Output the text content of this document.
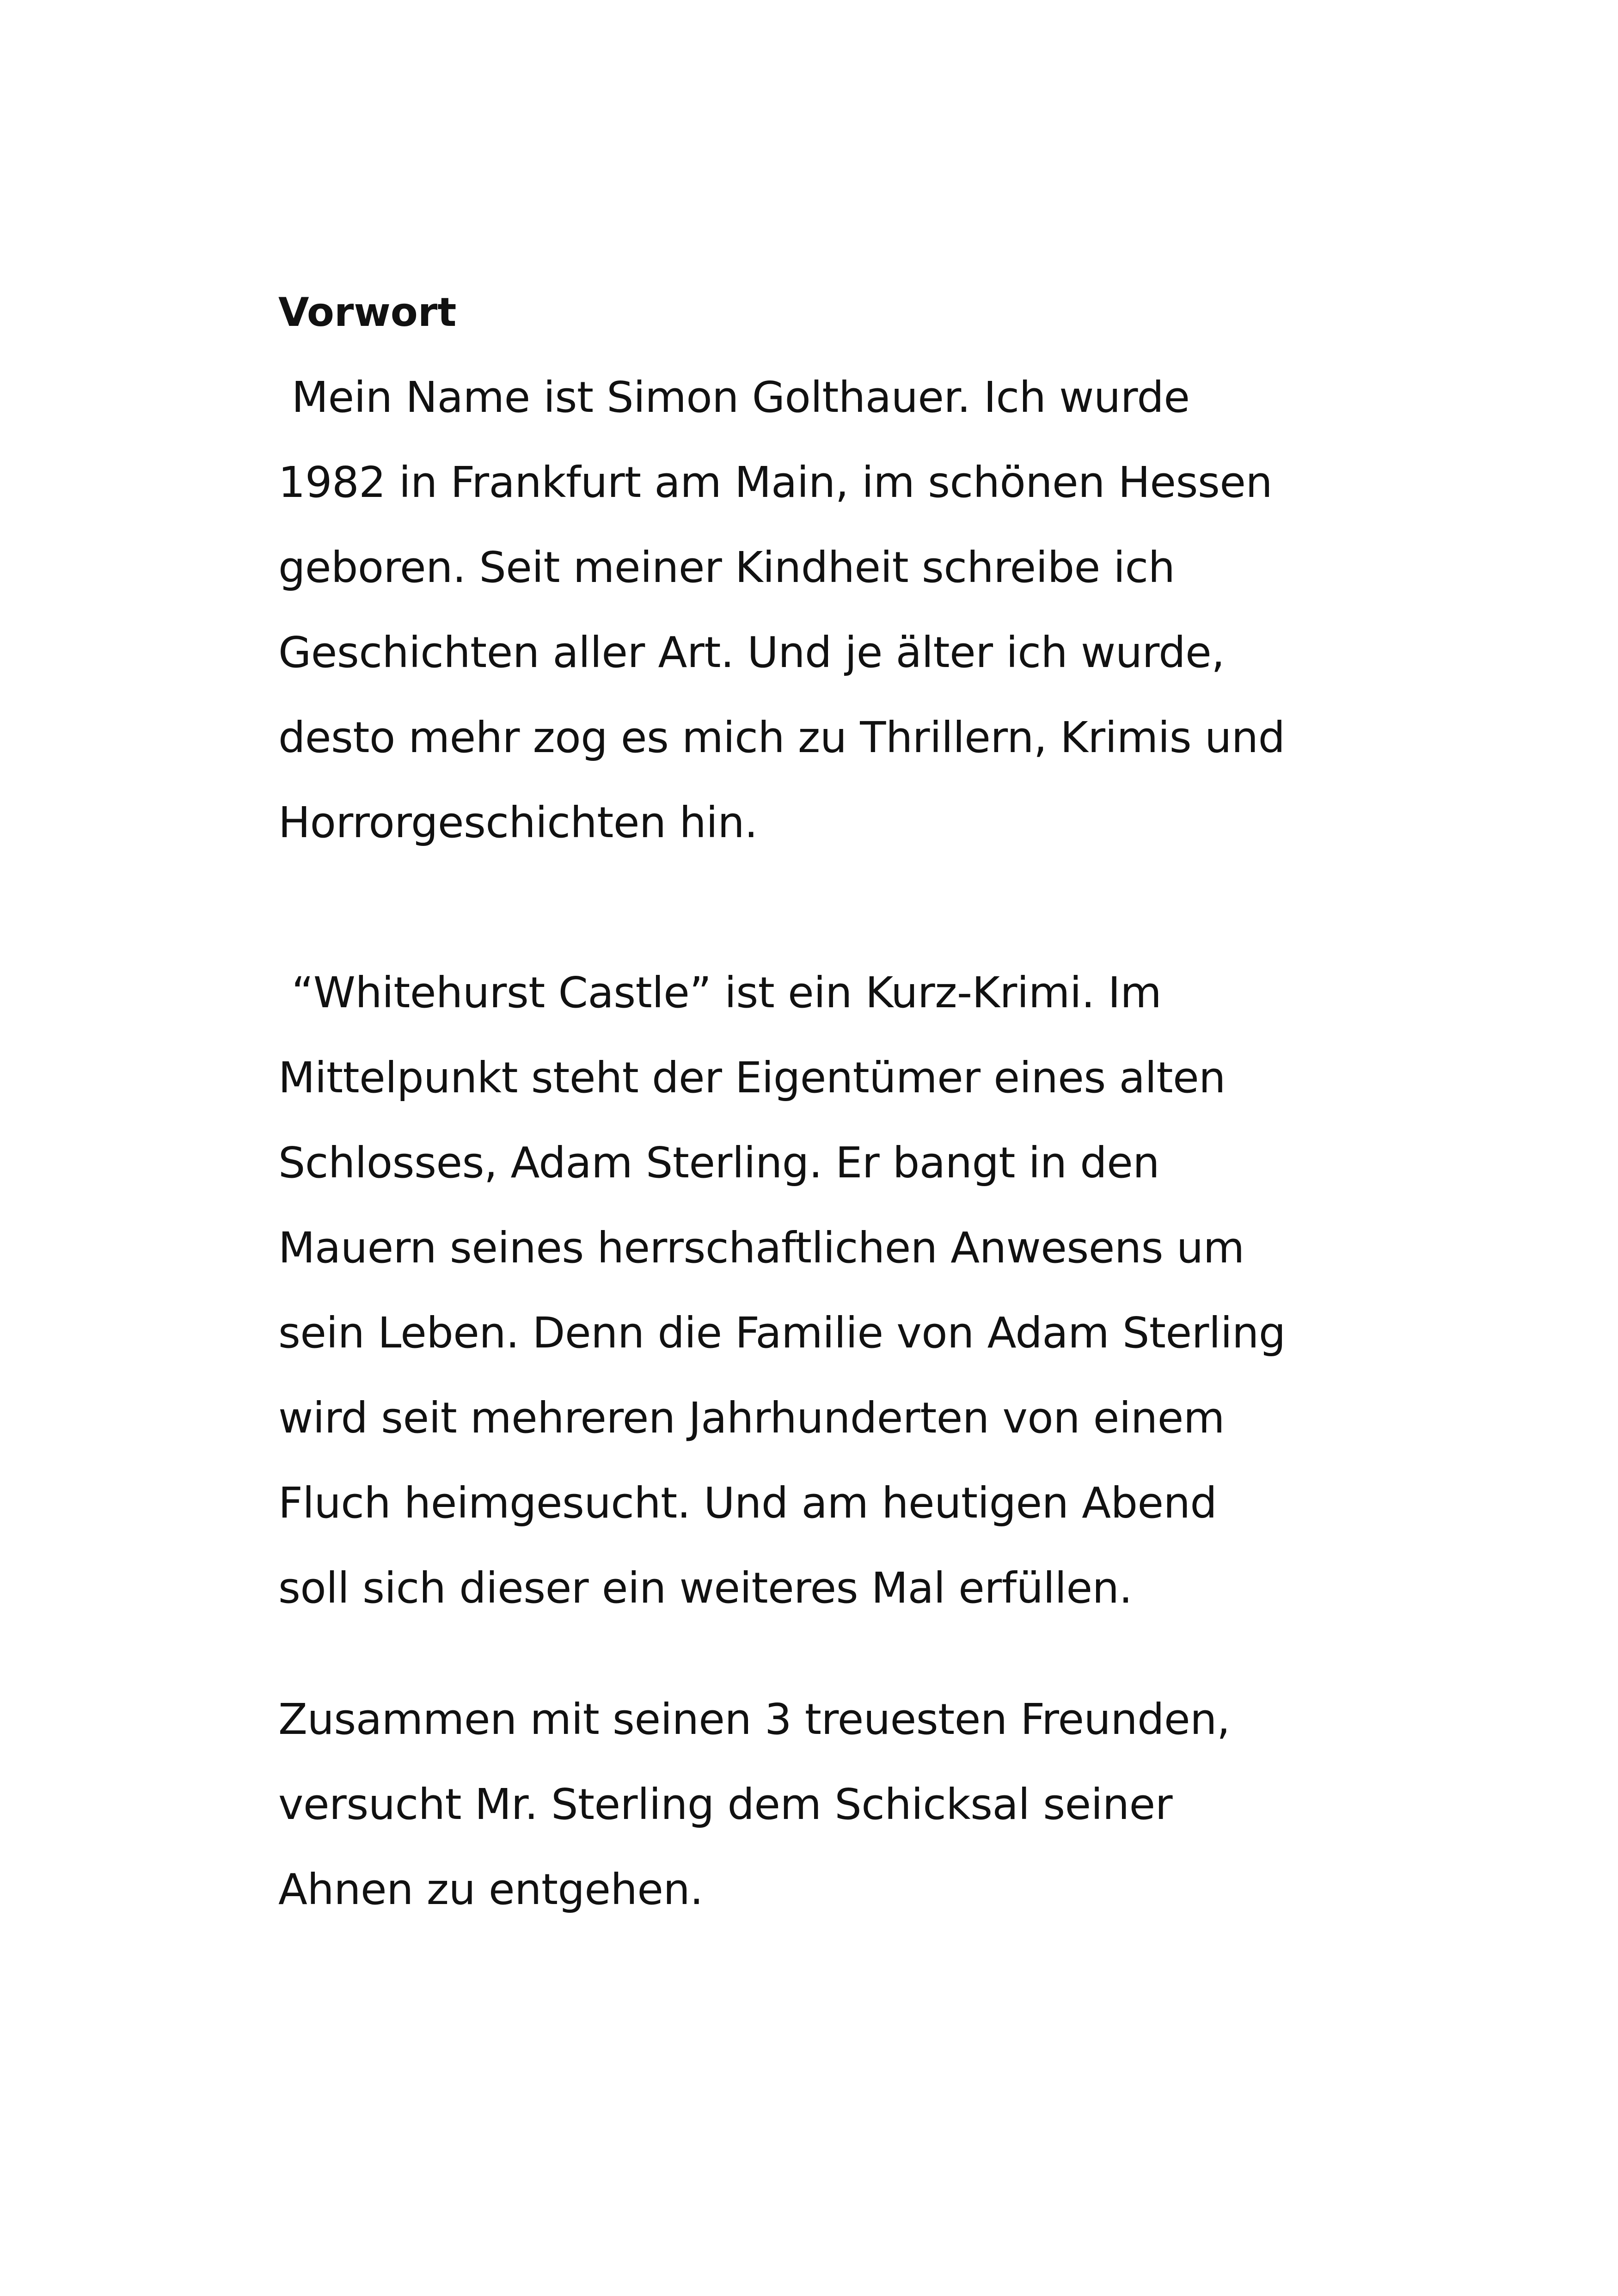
Vorwort
Mein Name ist Simon Golthauer. Ich wurde
1982 in Frankfurt am Main, im schönen Hessen
geboren. Seit meiner Kindheit schreibe ich
Geschichten aller Art. Und je älter ich wurde,
desto mehr zog es mich zu Thrillern, Krimis und
Horrorgeschichten hin.
“Whitehurst Castle” ist ein Kurz-Krimi. Im
Mittelpunkt steht der Eigentümer eines alten
Schlosses, Adam Sterling. Er bangt in den
Mauern seines herrschaftlichen Anwesens um
sein Leben. Denn die Familie von Adam Sterling
wird seit mehreren Jahrhunderten von einem
Fluch heimgesucht. Und am heutigen Abend
soll sich dieser ein weiteres Mal erfüllen.
Zusammen mit seinen 3 treuesten Freunden,
versucht Mr. Sterling dem Schicksal seiner
Ahnen zu entgehen.
